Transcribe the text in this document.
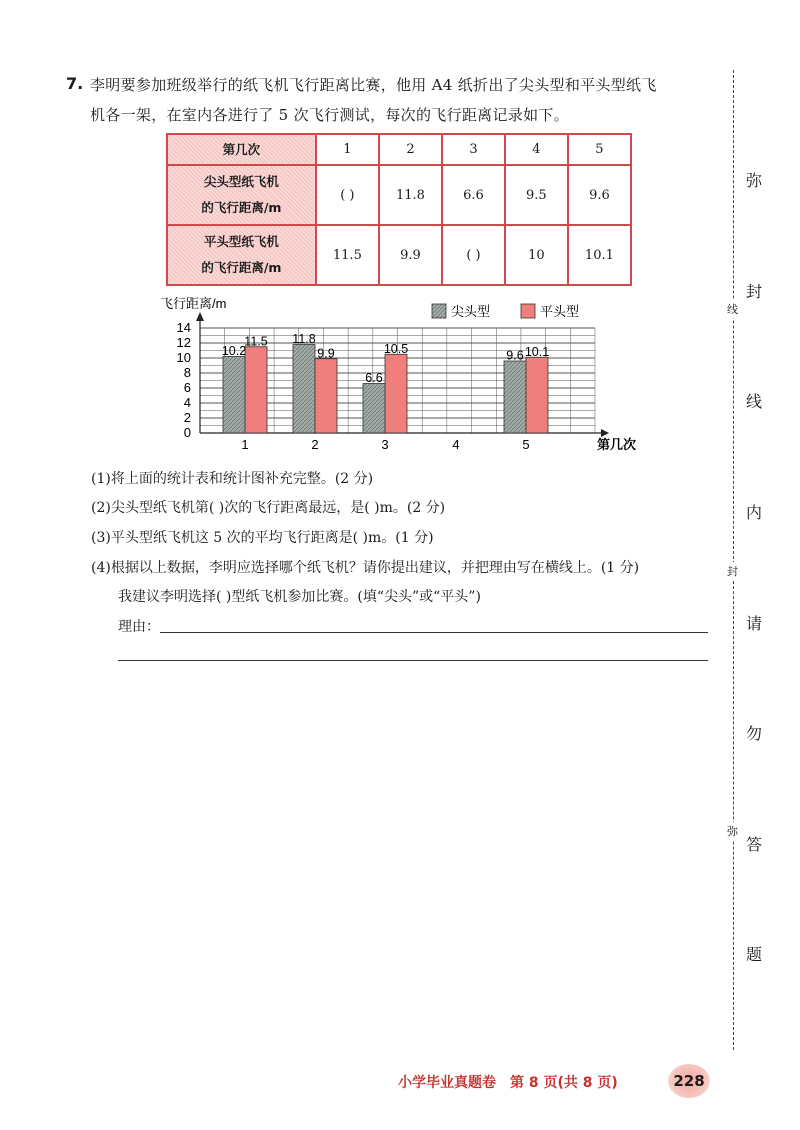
7. 李明要参加班级举行的纸飞机飞行距离比赛，他用 A4 纸折出了尖头型和平头型纸飞
机各一架，在室内各进行了 5 次飞行测试，每次的飞行距离记录如下。
第几次	1	2	3	4	5

尖头型纸飞机
的飞行距离/m	( )	11.8	6.6	9.5	9.6

平头型纸飞机
的飞行距离/m	11.5	9.9	( )	10	10.1
0
2
4
6
8
10
12
14
飞行距离/m
第几次
1
10.2
11.5
2
11.8
9.9
3
6.6
10.5
4	5
9.6 10.1
尖头型	平头型
(1)将上面的统计表和统计图补充完整。(2 分)
(2)尖头型纸飞机第( )次的飞行距离最远，是( )m。(2 分)
(3)平头型纸飞机这 5 次的平均飞行距离是( )m。(1 分)
(4)根据以上数据，李明应选择哪个纸飞机？请你提出建议，并把理由写在横线上。(1 分)
我建议李明选择( )型纸飞机参加比赛。(填“尖头”或“平头”)
理由：
弥
封
线
内
请
勿
答
题
线
封
弥
小学毕业真题卷　第 8 页(共 8 页)	228
